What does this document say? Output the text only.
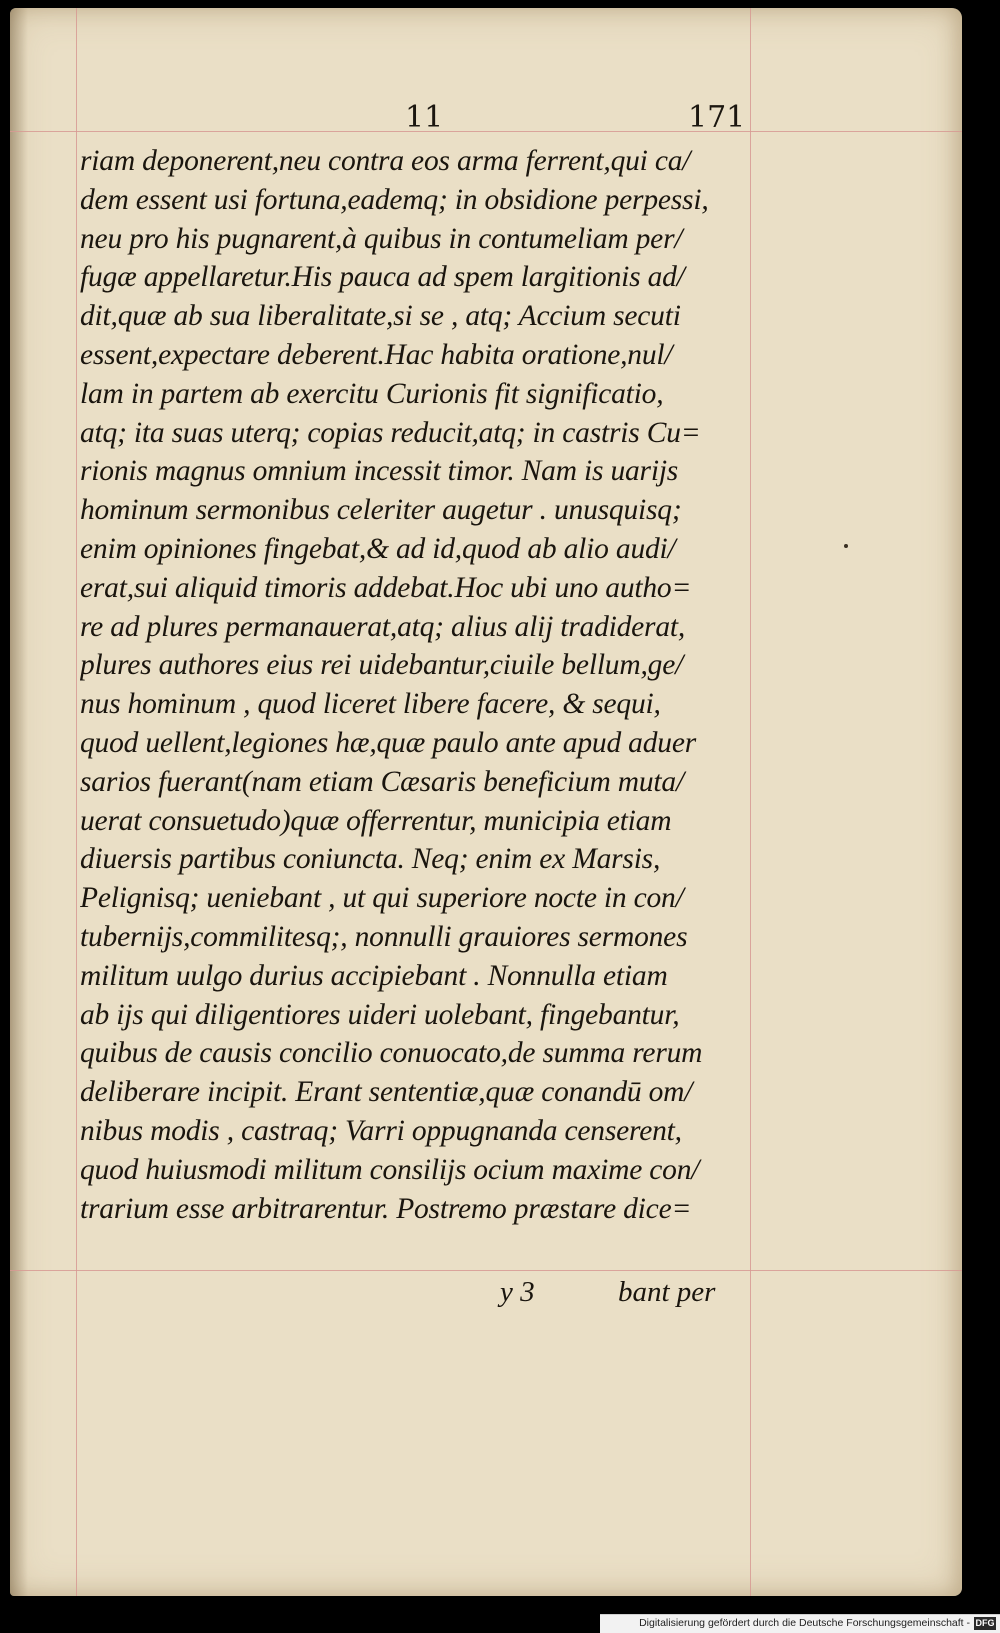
11	171
riam deponerent,neu contra eos arma ferrent,qui ca/
dem essent usi fortuna,eademq; in obsidione perpessi,
neu pro his pugnarent,à quibus in contumeliam per/
fugæ appellaretur.His pauca ad spem largitionis ad/
dit,quæ ab sua liberalitate,si se , atq; Accium secuti
essent,expectare deberent.Hac habita oratione,nul/
lam in partem ab exercitu Curionis fit significatio,
atq; ita suas uterq; copias reducit,atq; in castris Cu=
rionis magnus omnium incessit timor. Nam is uarijs
hominum sermonibus celeriter augetur . unusquisq;
enim opiniones fingebat,& ad id,quod ab alio audi/
erat,sui aliquid timoris addebat.Hoc ubi uno autho=
re ad plures permanauerat,atq; alius alij tradiderat,
plures authores eius rei uidebantur,ciuile bellum,ge/
nus hominum , quod liceret libere facere, & sequi,
quod uellent,legiones hæ,quæ paulo ante apud aduer
sarios fuerant(nam etiam Cæsaris beneficium muta/
uerat consuetudo)quæ offerrentur, municipia etiam
diuersis partibus coniuncta. Neq; enim ex Marsis,
Pelignisq; ueniebant , ut qui superiore nocte in con/
tubernijs,commilitesq;, nonnulli grauiores sermones
militum uulgo durius accipiebant . Nonnulla etiam
ab ijs qui diligentiores uideri uolebant, fingebantur,
quibus de causis concilio conuocato,de summa rerum
deliberare incipit. Erant sententiæ,quæ conandū om/
nibus modis , castraq; Varri oppugnanda censerent,
quod huiusmodi militum consilijs ocium maxime con/
trarium esse arbitrarentur. Postremo præstare dice=
y 3	bant per
Digitalisierung gefördert durch die Deutsche Forschungsgemeinschaft - DFG
